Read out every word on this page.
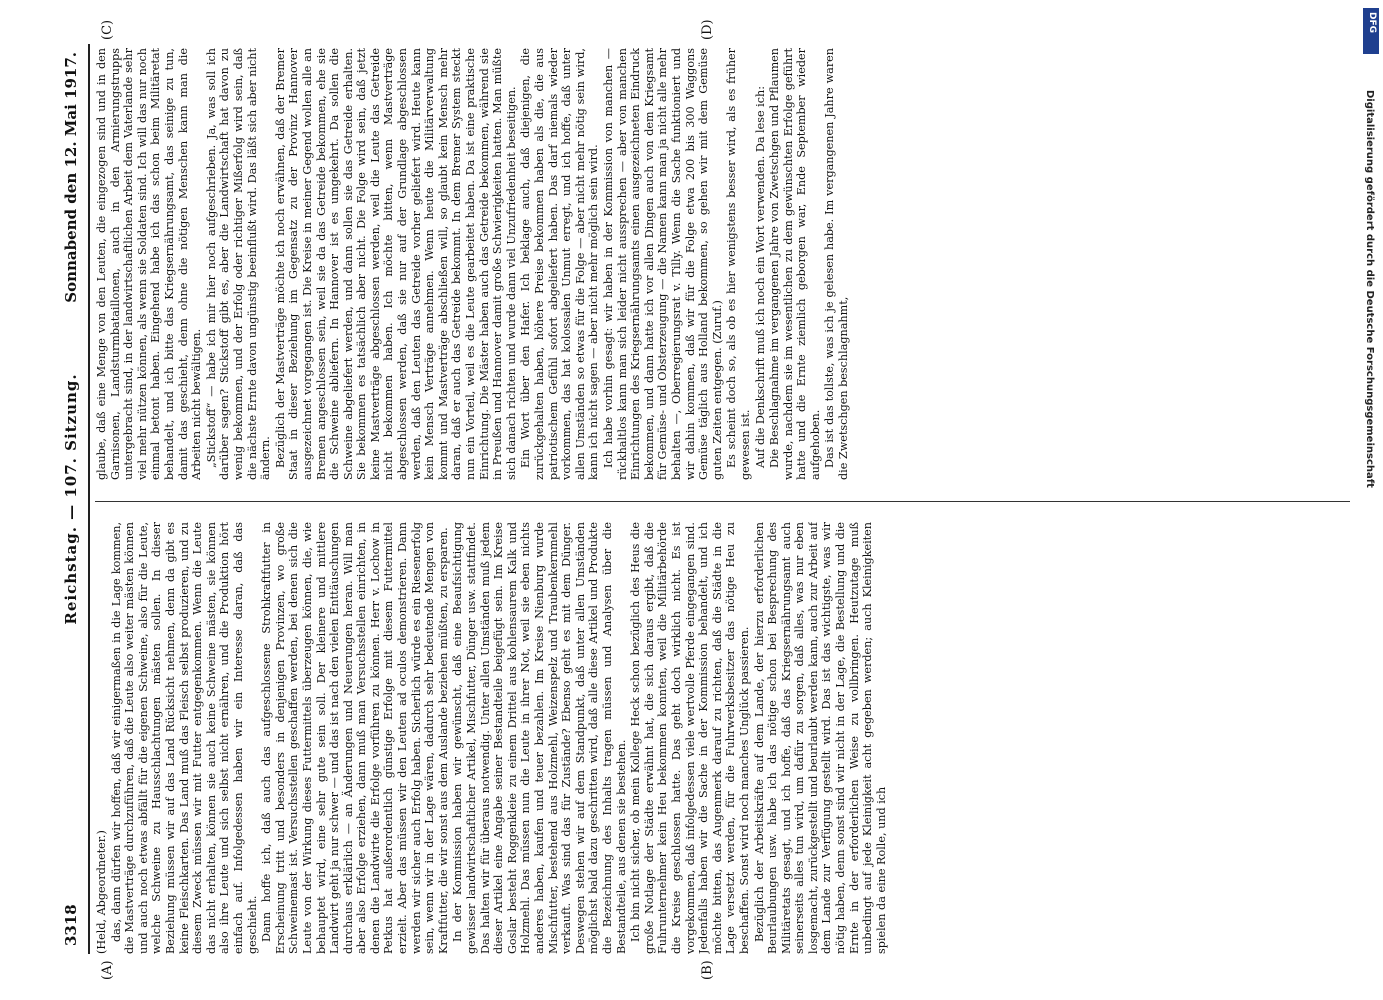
3318
Reichstag. — 107. Sitzung.
Sonnabend den 12. Mai 1917.

(Held, Abgeordneter.) das, dann dürfen wir hoffen, daß wir einigermaßen in die Lage kommen, die Mastverträge durchzuführen, daß die Leute also weiter mästen können und auch noch etwas abfällt für die eigenen Schweine, also für die Leute, welche Schweine zu Hausschlachtungen mästen sollen. In dieser Beziehung müssen wir auf das Land Rücksicht nehmen, denn da gibt es keine Fleischkarten. Das Land muß das Fleisch selbst produzieren, und zu diesem Zweck müssen wir mit Futter entgegenkommen. Wenn die Leute das nicht erhalten, können sie auch keine Schweine mästen, sie können also ihre Leute und sich selbst nicht ernähren, und die Produktion hört einfach auf. Infolgedessen haben wir ein Interesse daran, daß das geschieht. Dann hoffe ich, daß auch das aufgeschlossene Strohkraftfutter in Erscheinung tritt und besonders in denjenigen Provinzen, wo große Schweinemast ist. Versuchsstellen geschaffen werden, bei denen sich die Leute von der Wirkung dieses Futtermittels überzeugen können, die, wie behauptet wird, eine sehr gute sein soll. Der kleinere und mittlere Landwirt geht ja nur schwer — und das ist nach den vielen Enttäuschungen durchaus erklärlich — an Änderungen und Neuerungen heran. Will man aber also Erfolge erziehen, dann muß man Versuchsstellen einrichten, in denen die Landwirte die Erfolge vorführen zu können. Herr v. Lochow in Petkus hat außerordentlich günstige Erfolge mit diesem Futtermittel erzielt. Aber das müssen wir den Leuten ad oculos demonstrieren. Dann werden wir sicher auch Erfolg haben. Sicherlich würde es ein Riesenerfolg sein, wenn wir in der Lage wären, dadurch sehr bedeutende Mengen von Kraftfutter, die wir sonst aus dem Auslande beziehen müßten, zu ersparen. In der Kommission haben wir gewünscht, daß eine Beaufsichtigung gewisser landwirtschaftlicher Artikel, Mischfutter, Dünger usw. stattfindet. Das halten wir für überaus notwendig. Unter allen Umständen muß jedem dieser Artikel eine Angabe seiner Bestandteile beigefügt sein. Im Kreise Goslar besteht Roggenkleie zu einem Drittel aus kohlensaurem Kalk und Holzmehl. Das müssen nun die Leute in ihrer Not, weil sie eben nichts anderes haben, kaufen und teuer bezahlen. Im Kreise Nienburg wurde Mischfutter, bestehend aus Holzmehl, Weizenspelz und Traubenkernmehl verkauft. Was sind das für Zustände? Ebenso geht es mit dem Dünger. Deswegen stehen wir auf dem Standpunkt, daß unter allen Umständen möglichst bald dazu geschritten wird, daß alle diese Artikel und Produkte die Bezeichnung des Inhalts tragen müssen und Analysen über die Bestandteile, aus denen sie bestehen. Ich bin nicht sicher, ob mein Kollege Heck schon bezüglich des Heus die große Notlage der Städte erwähnt hat, die sich daraus ergibt, daß die Fuhrunternehmer kein Heu bekommen konnten, weil die Militärbehörde die Kreise geschlossen hatte. Das geht doch wirklich nicht. Es ist vorgekommen, daß infolgedessen viele wertvolle Pferde eingegangen sind. Jedenfalls haben wir die Sache in der Kommission behandelt, und ich möchte bitten, das Augenmerk darauf zu richten, daß die Städte in die Lage versetzt werden, für die Fuhrwerksbesitzer das nötige Heu zu beschaffen. Sonst wird noch manches Unglück passieren. Bezüglich der Arbeitskräfte auf dem Lande, der hierzu erforderlichen Beurlaubungen usw. habe ich das nötige schon bei Besprechung des Militäretats gesagt, und ich hoffe, daß das Kriegsernährungsamt auch seinerseits alles tun wird, um dafür zu sorgen, daß alles, was nur eben losgemacht, zurückgestellt und beurlaubt werden kann, auch zur Arbeit auf dem Lande zur Verfügung gestellt wird. Das ist das wichtigste, was wir nötig haben, denn sonst sind wir nicht in der Lage, die Bestellung und die Ernte in der erforderlichen Weise zu vollbringen. Heutzutage muß unbedingt auf jede Kleinigkeit acht gegeben werden; auch Kleinigkeiten spielen da eine Rolle, und ich

glaube, daß eine Menge von den Leuten, die eingezogen sind und in den Garnisonen, Landsturmbataillonen, auch in den Armierungstrupps untergebracht sind, in der landwirtschaftlichen Arbeit dem Vaterlande sehr viel mehr nützen können, als wenn sie Soldaten sind. Ich will das nur noch einmal betont haben. Eingehend habe ich das schon beim Militäretat behandelt, und ich bitte das Kriegsernährungsamt, das seinige zu tun, damit das geschieht, denn ohne die nötigen Menschen kann man die Arbeiten nicht bewältigen. „Stickstoff“ — habe ich mir hier noch aufgeschrieben. Ja, was soll ich darüber sagen? Stickstoff gibt es, aber die Landwirtschaft hat davon zu wenig bekommen, und der Erfolg oder richtiger Mißerfolg wird sein, daß die nächste Ernte davon ungünstig beeinflußt wird. Das läßt sich aber nicht ändern. Bezüglich der Mastverträge möchte ich noch erwähnen, daß der Bremer Staat in dieser Beziehung im Gegensatz zu der Provinz Hannover ausgezeichnet vorgegangen ist. Die Kreise in meiner Gegend wollen alle an Bremen angeschlossen sein, weil sie da das Getreide bekommen, ehe sie die Schweine abliefern. In Hannover ist es umgekehrt. Da sollen die Schweine abgeliefert werden, und dann sollen sie das Getreide erhalten. Sie bekommen es tatsächlich aber nicht. Die Folge wird sein, daß jetzt keine Mastverträge abgeschlossen werden, weil die Leute das Getreide nicht bekommen haben. Ich möchte bitten, wenn Mastverträge abgeschlossen werden, daß sie nur auf der Grundlage abgeschlossen werden, daß den Leuten das Getreide vorher geliefert wird. Heute kann kein Mensch Verträge annehmen. Wenn heute die Militärverwaltung kommt und Mastverträge abschließen will, so glaubt kein Mensch mehr daran, daß er auch das Getreide bekommt. In dem Bremer System steckt nun ein Vorteil, weil es die Leute gearbeitet haben. Da ist eine praktische Einrichtung. Die Mäster haben auch das Getreide bekommen, während sie in Preußen und Hannover damit große Schwierigkeiten hatten. Man müßte sich danach richten und wurde dann viel Unzufriedenheit beseitigen. Ein Wort über den Hafer. Ich beklage auch, daß diejenigen, die zurückgehalten haben, höhere Preise bekommen haben als die, die aus patriotischem Gefühl sofort abgeliefert haben. Das darf niemals wieder vorkommen, das hat kolossalen Unmut erregt, und ich hoffe, daß unter allen Umständen so etwas für die Folge — aber nicht mehr nötig sein wird, kann ich nicht sagen — aber nicht mehr möglich sein wird. Ich habe vorhin gesagt: wir haben in der Kommission von manchen — rückhaltlos kann man sich leider nicht aussprechen — aber von manchen Einrichtungen des Kriegsernährungsamts einen ausgezeichneten Eindruck bekommen, und dann hatte ich vor allen Dingen auch von dem Kriegsamt für Gemüse- und Obsterzeugung — die Namen kann man ja nicht alle mehr behalten —, Oberregierungsrat v. Tilly. Wenn die Sache funktioniert und wir dahin kommen, daß wir für die Folge etwa 200 bis 300 Waggons Gemüse täglich aus Holland bekommen, so gehen wir mit dem Gemüse guten Zeiten entgegen. (Zuruf.) Es scheint doch so, als ob es hier wenigstens besser wird, als es früher gewesen ist. Auf die Denkschrift muß ich noch ein Wort verwenden. Da lese ich: Die Beschlagnahme im vergangenen Jahre von Zwetschgen und Pflaumen wurde, nachdem sie im wesentlichen zu dem gewünschten Erfolge geführt hatte und die Ernte ziemlich geborgen war, Ende September wieder aufgehoben. Das ist das tollste, was ich je gelesen habe. Im vergangenen Jahre waren die Zwetschgen beschlagnahmt,

(A)	(B)
(C)	(D)	DFG
Digitalisierung gefördert durch die Deutsche Forschungsgemeinschaft
